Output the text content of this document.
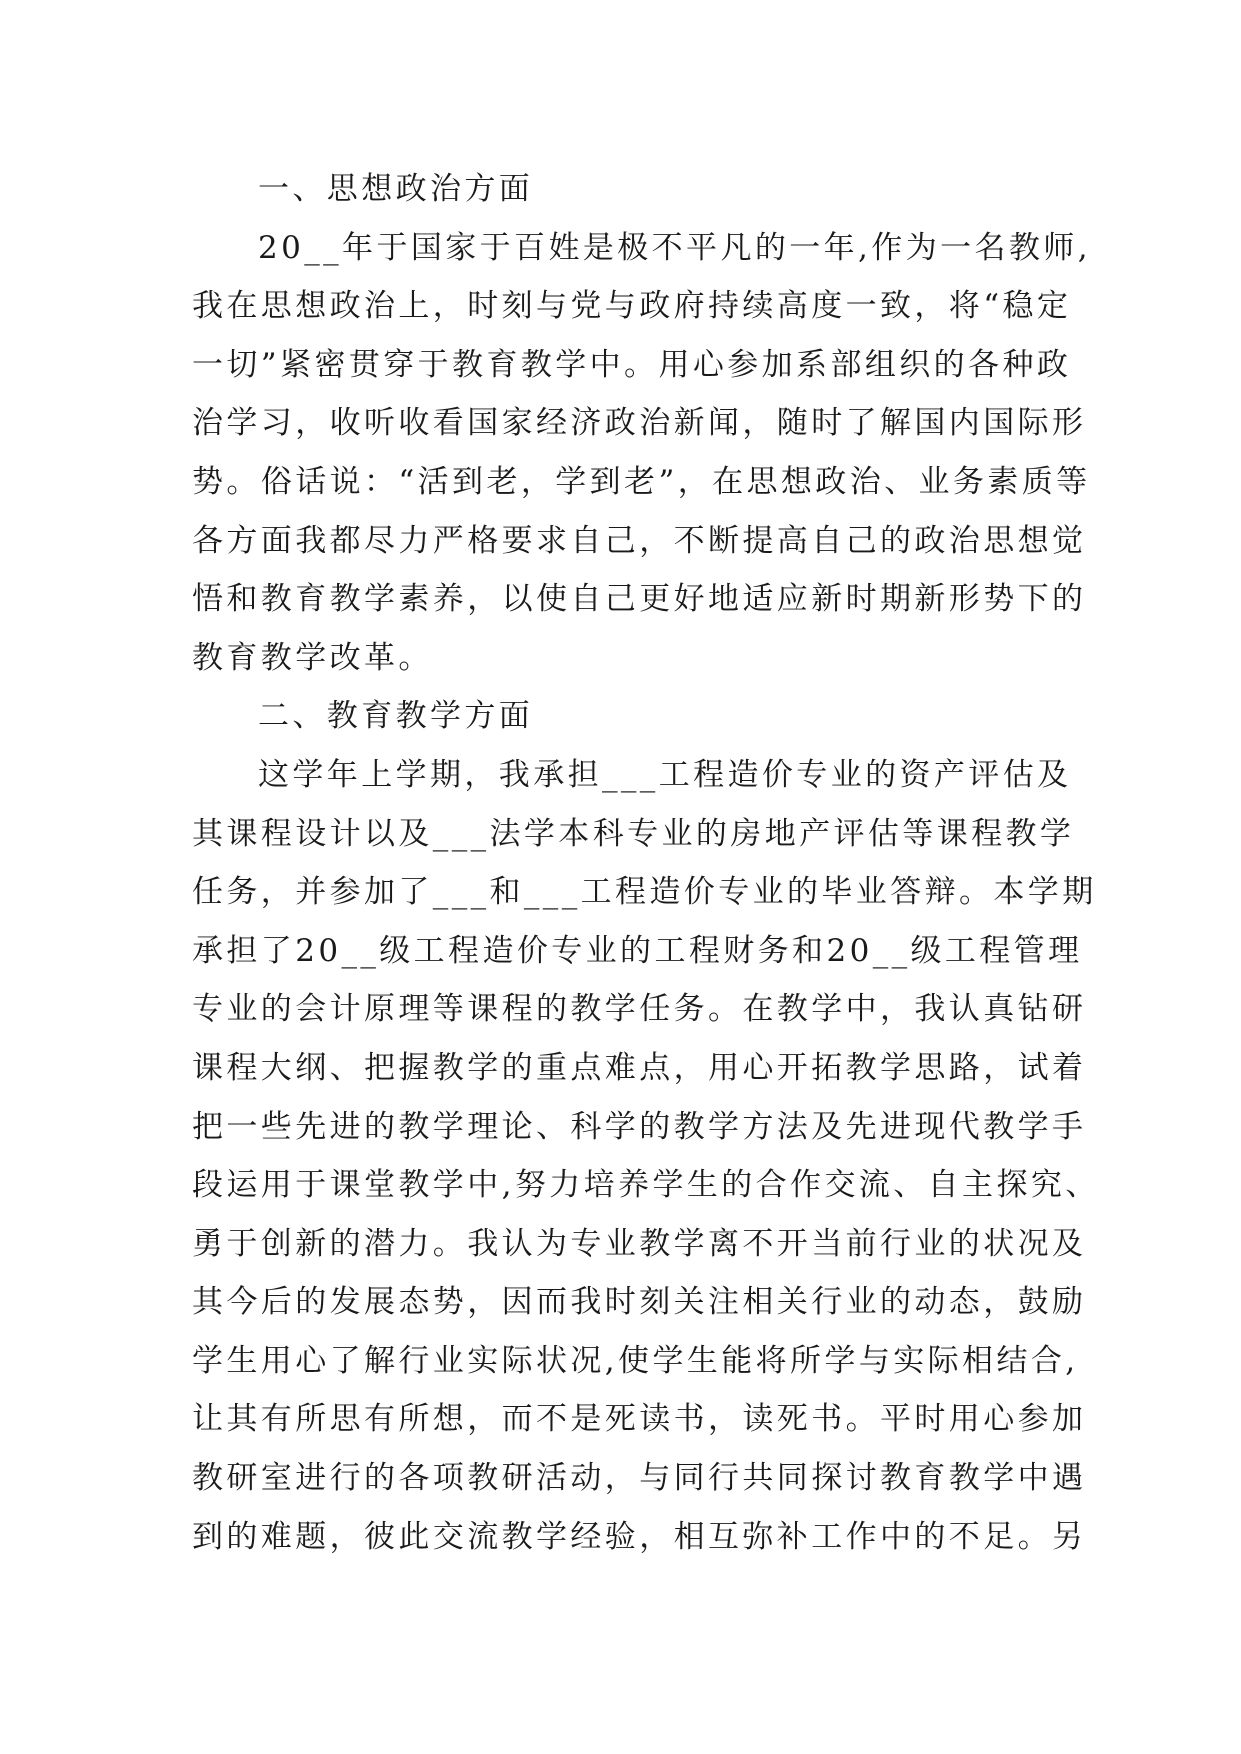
一、思想政治方面
20__年于国家于百姓是极不平凡的一年,作为一名教师,
我在思想政治上，时刻与党与政府持续高度一致，将“稳定
一切”紧密贯穿于教育教学中。用心参加系部组织的各种政
治学习，收听收看国家经济政治新闻，随时了解国内国际形
势。俗话说：“活到老，学到老”，在思想政治、业务素质等
各方面我都尽力严格要求自己，不断提高自己的政治思想觉
悟和教育教学素养，以使自己更好地适应新时期新形势下的
教育教学改革。
二、教育教学方面
这学年上学期，我承担___工程造价专业的资产评估及
其课程设计以及___法学本科专业的房地产评估等课程教学
任务，并参加了___和___工程造价专业的毕业答辩。本学期
承担了20__级工程造价专业的工程财务和20__级工程管理
专业的会计原理等课程的教学任务。在教学中，我认真钻研
课程大纲、把握教学的重点难点，用心开拓教学思路，试着
把一些先进的教学理论、科学的教学方法及先进现代教学手
段运用于课堂教学中,努力培养学生的合作交流、自主探究、
勇于创新的潜力。我认为专业教学离不开当前行业的状况及
其今后的发展态势，因而我时刻关注相关行业的动态，鼓励
学生用心了解行业实际状况,使学生能将所学与实际相结合,
让其有所思有所想，而不是死读书，读死书。平时用心参加
教研室进行的各项教研活动，与同行共同探讨教育教学中遇
到的难题，彼此交流教学经验，相互弥补工作中的不足。另
